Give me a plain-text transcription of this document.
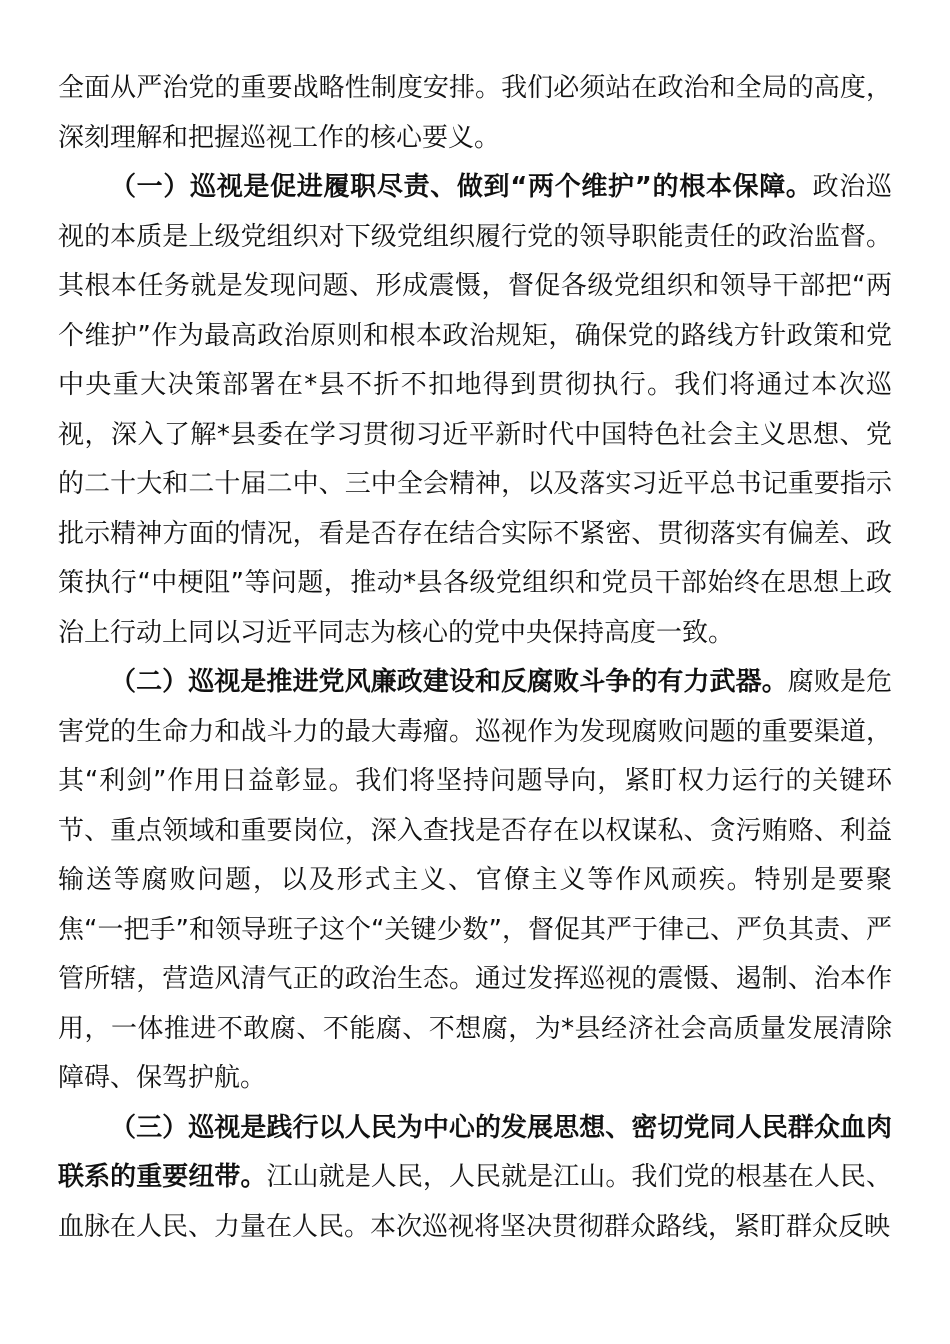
全面从严治党的重要战略性制度安排。我们必须站在政治和全局的高度，深刻理解和把握巡视工作的核心要义。

（一）巡视是促进履职尽责、做到“两个维护”的根本保障。政治巡视的本质是上级党组织对下级党组织履行党的领导职能责任的政治监督。其根本任务就是发现问题、形成震慑，督促各级党组织和领导干部把“两个维护”作为最高政治原则和根本政治规矩，确保党的路线方针政策和党中央重大决策部署在*县不折不扣地得到贯彻执行。我们将通过本次巡视，深入了解*县委在学习贯彻习近平新时代中国特色社会主义思想、党的二十大和二十届二中、三中全会精神，以及落实习近平总书记重要指示批示精神方面的情况，看是否存在结合实际不紧密、贯彻落实有偏差、政策执行“中梗阻”等问题，推动*县各级党组织和党员干部始终在思想上政治上行动上同以习近平同志为核心的党中央保持高度一致。

（二）巡视是推进党风廉政建设和反腐败斗争的有力武器。腐败是危害党的生命力和战斗力的最大毒瘤。巡视作为发现腐败问题的重要渠道，其“利剑”作用日益彰显。我们将坚持问题导向，紧盯权力运行的关键环节、重点领域和重要岗位，深入查找是否存在以权谋私、贪污贿赂、利益输送等腐败问题，以及形式主义、官僚主义等作风顽疾。特别是要聚焦“一把手”和领导班子这个“关键少数”，督促其严于律己、严负其责、严管所辖，营造风清气正的政治生态。通过发挥巡视的震慑、遏制、治本作用，一体推进不敢腐、不能腐、不想腐，为*县经济社会高质量发展清除障碍、保驾护航。

（三）巡视是践行以人民为中心的发展思想、密切党同人民群众血肉联系的重要纽带。江山就是人民，人民就是江山。我们党的根基在人民、血脉在人民、力量在人民。本次巡视将坚决贯彻群众路线，紧盯群众反映
